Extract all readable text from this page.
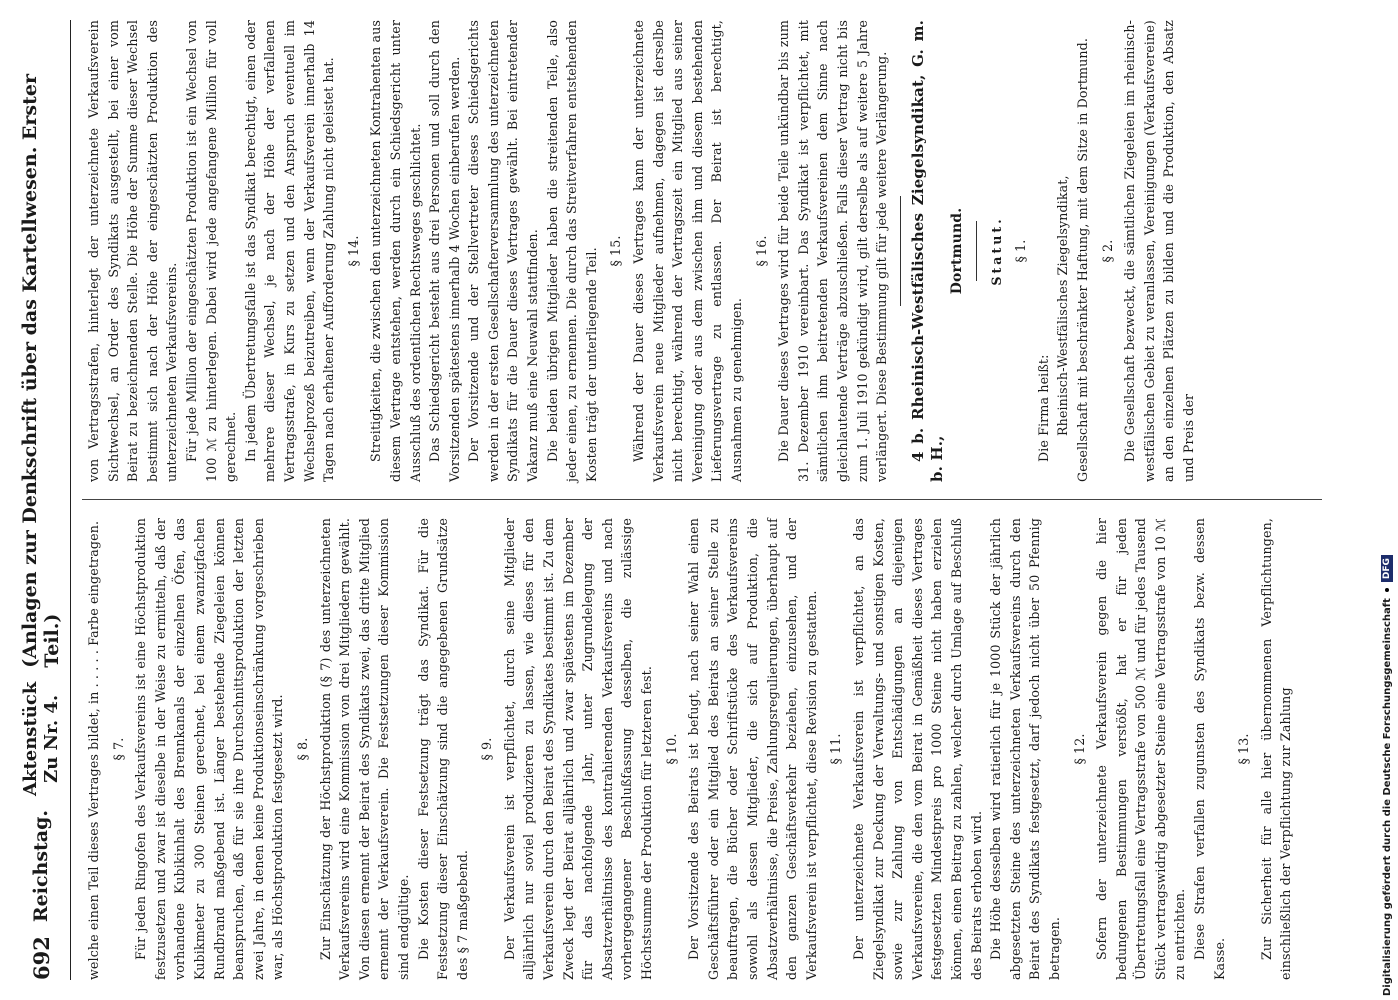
692
Reichstag.
Aktenstück Zu Nr. 4.
(Anlagen zur Denkschrift über das Kartellwesen. Erster Teil.) welche einen Teil dieses Vertrages bildet, in . . . . . Farbe eingetragen. § 7. Für jeden Ringofen des Verkaufsvereins ist eine Höchstproduktion festzusetzen und zwar ist dieselbe in der Weise zu ermitteln, daß der vorhandene Kubikinhalt des Brennkanals der einzelnen Öfen, das Kubikmeter zu 300 Steinen gerechnet, bei einem zwanzigfachen Rundbrand maßgebend ist. Länger bestehende Ziegeleien können beanspruchen, daß für sie ihre Durchschnittsproduktion der letzten zwei Jahre, in denen keine Produktionseinschränkung vorgeschrieben war, als Höchstproduktion festgesetzt wird. § 8. Zur Einschätzung der Höchstproduktion (§ 7) des unterzeichneten Verkaufsvereins wird eine Kommission von drei Mitgliedern gewählt. Von diesen ernennt der Beirat des Syndikats zwei, das dritte Mitglied ernennt der Verkaufsverein. Die Festsetzungen dieser Kommission sind endgültige. Die Kosten dieser Festsetzung trägt das Syndikat. Für die Festsetzung dieser Einschätzung sind die angegebenen Grundsätze des § 7 maßgebend.

§ 9. Der Verkaufsverein ist verpflichtet, durch seine Mitglieder alljährlich nur soviel produzieren zu lassen, wie dieses für den Verkaufsverein durch den Beirat des Syndikates bestimmt ist. Zu dem Zweck legt der Beirat alljährlich und zwar spätestens im Dezember für das nachfolgende Jahr, unter Zugrundelegung der Absatzverhältnisse des kontrahierenden Verkaufsvereins und nach vorhergegangener Beschlußfassung desselben, die zulässige Höchstsumme der Produktion für letzteren fest. § 10. Der Vorsitzende des Beirats ist befugt, nach seiner Wahl einen Geschäftsführer oder ein Mitglied des Beirats an seiner Stelle zu beauftragen, die Bücher oder Schriftstücke des Verkaufsvereins sowohl als dessen Mitglieder, die sich auf Produktion, die Absatzverhältnisse, die Preise, Zahlungsregulierungen, überhaupt auf den ganzen Geschäftsverkehr beziehen, einzusehen, und der Verkaufsverein ist verpflichtet, diese Revision zu gestatten. § 11. Der unterzeichnete Verkaufsverein ist verpflichtet, an das Ziegelsyndikat zur Deckung der Verwaltungs- und sonstigen Kosten, sowie zur Zahlung von Entschädigungen an diejenigen Verkaufsvereine, die den vom Beirat in Gemäßheit dieses Vertrages festgesetzten Mindestpreis pro 1000 Steine nicht haben erzielen können, einen Beitrag zu zahlen, welcher durch Umlage auf Beschluß des Beirats erhoben wird. Die Höhe desselben wird ratierlich für je 1000 Stück der jährlich abgesetzten Steine des unterzeichneten Verkaufsvereins durch den Beirat des Syndikats festgesetzt, darf jedoch nicht über 50 Pfennig betragen.

§ 12. Sofern der unterzeichnete Verkaufsverein gegen die hier bedungenen Bestimmungen verstößt, hat er für jeden Übertretungsfall eine Vertragsstrafe von 500 ℳ und für jedes Tausend Stück vertragswidrig abgesetzter Steine eine Vertragsstrafe von 10 ℳ zu entrichten. Diese Strafen verfallen zugunsten des Syndikats bezw. dessen Kasse.

§ 13. Zur Sicherheit für alle hier übernommenen Verpflichtungen, einschließlich der Verpflichtung zur Zahlung

von Vertragsstrafen, hinterlegt der unterzeichnete Verkaufsverein Sichtwechsel, an Order des Syndikats ausgestellt, bei einer vom Beirat zu bezeichnenden Stelle. Die Höhe der Summe dieser Wechsel bestimmt sich nach der Höhe der eingeschätzten Produktion des unterzeichneten Verkaufsvereins. Für jede Million der eingeschätzten Produktion ist ein Wechsel von 100 ℳ zu hinterlegen. Dabei wird jede angefangene Million für voll gerechnet. In jedem Übertretungsfalle ist das Syndikat berechtigt, einen oder mehrere dieser Wechsel, je nach der Höhe der verfallenen Vertragsstrafe, in Kurs zu setzen und den Anspruch eventuell im Wechselprozeß beizutreiben, wenn der Verkaufsverein innerhalb 14 Tagen nach erhaltener Aufforderung Zahlung nicht geleistet hat. § 14. Streitigkeiten, die zwischen den unterzeichneten Kontrahenten aus diesem Vertrage entstehen, werden durch ein Schiedsgericht unter Ausschluß des ordentlichen Rechtsweges geschlichtet. Das Schiedsgericht besteht aus drei Personen und soll durch den Vorsitzenden spätestens innerhalb 4 Wochen einberufen werden. Der Vorsitzende und der Stellvertreter dieses Schiedsgerichts werden in der ersten Gesellschafterversammlung des unterzeichneten Syndikats für die Dauer dieses Vertrages gewählt. Bei eintretender Vakanz muß eine Neuwahl stattfinden. Die beiden übrigen Mitglieder haben die streitenden Teile, also jeder einen, zu ernennen. Die durch das Streitverfahren entstehenden Kosten trägt der unterliegende Teil. § 15. Während der Dauer dieses Vertrages kann der unterzeichnete Verkaufsverein neue Mitglieder aufnehmen, dagegen ist derselbe nicht berechtigt, während der Vertragszeit ein Mitglied aus seiner Vereinigung oder aus dem zwischen ihm und diesem bestehenden Lieferungsvertrage zu entlassen. Der Beirat ist berechtigt, Ausnahmen zu genehmigen.

§ 16. Die Dauer dieses Vertrages wird für beide Teile unkündbar bis zum 31. Dezember 1910 vereinbart. Das Syndikat ist verpflichtet, mit sämtlichen ihm beitretenden Verkaufsvereinen dem Sinne nach gleichlautende Verträge abzuschließen. Falls dieser Vertrag nicht bis zum 1. Juli 1910 gekündigt wird, gilt derselbe als auf weitere 5 Jahre verlängert. Diese Bestimmung gilt für jede weitere Verlängerung. 4 b. Rheinisch-Westfälisches Ziegelsyndikat, G. m. b. H.,

Dortmund. Statut. § 1.

Die Firma heißt: Rheinisch-Westfälisches Ziegelsyndikat, Gesellschaft mit beschränkter Haftung, mit dem Sitze in Dortmund. § 2. Die Gesellschaft bezweckt, die sämtlichen Ziegeleien im rheinisch-westfälischen Gebiet zu veranlassen, Vereinigungen (Verkaufsvereine) an den einzelnen Plätzen zu bilden und die Produktion, den Absatz und Preis der

Digitalisierung gefördert durch die Deutsche Forschungsgemeinschaft
DFG
